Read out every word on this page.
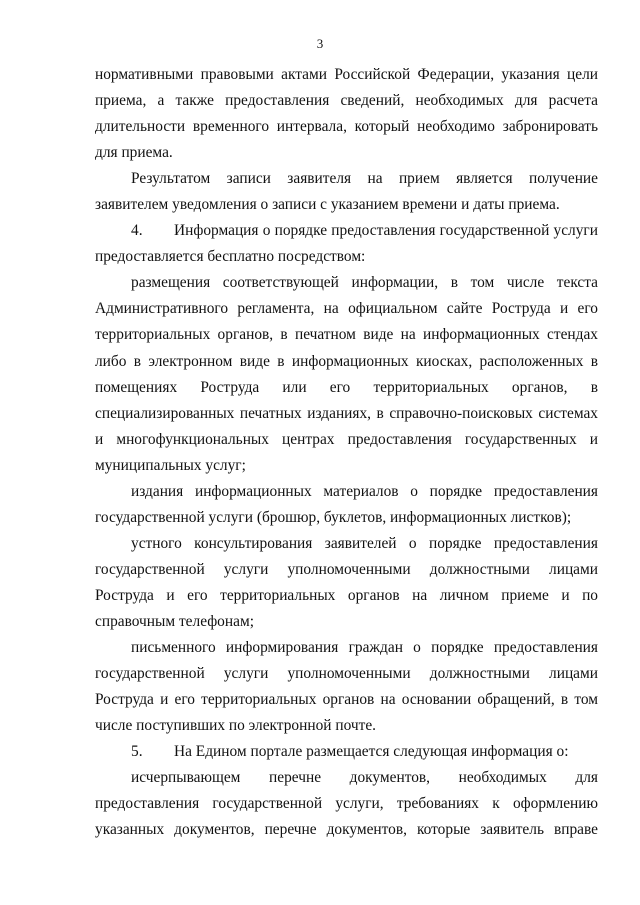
3

нормативными правовыми актами Российской Федерации, указания цели приема, а также предоставления сведений, необходимых для расчета длительности временного интервала, который необходимо забронировать для приема.

Результатом записи заявителя на прием является получение заявителем уведомления о записи с указанием времени и даты приема.

4. Информация о порядке предоставления государственной услуги предоставляется бесплатно посредством:

размещения соответствующей информации, в том числе текста Административного регламента, на официальном сайте Роструда и его территориальных органов, в печатном виде на информационных стендах либо в электронном виде в информационных киосках, расположенных в помещениях Роструда или его территориальных органов, в специализированных печатных изданиях, в справочно-поисковых системах и многофункциональных центрах предоставления государственных и муниципальных услуг;

издания информационных материалов о порядке предоставления государственной услуги (брошюр, буклетов, информационных листков);

устного консультирования заявителей о порядке предоставления государственной услуги уполномоченными должностными лицами Роструда и его территориальных органов на личном приеме и по справочным телефонам;

письменного информирования граждан о порядке предоставления государственной услуги уполномоченными должностными лицами Роструда и его территориальных органов на основании обращений, в том числе поступивших по электронной почте.

5. На Едином портале размещается следующая информация о:

исчерпывающем перечне документов, необходимых для предоставления государственной услуги, требованиях к оформлению указанных документов, перечне документов, которые заявитель вправе
